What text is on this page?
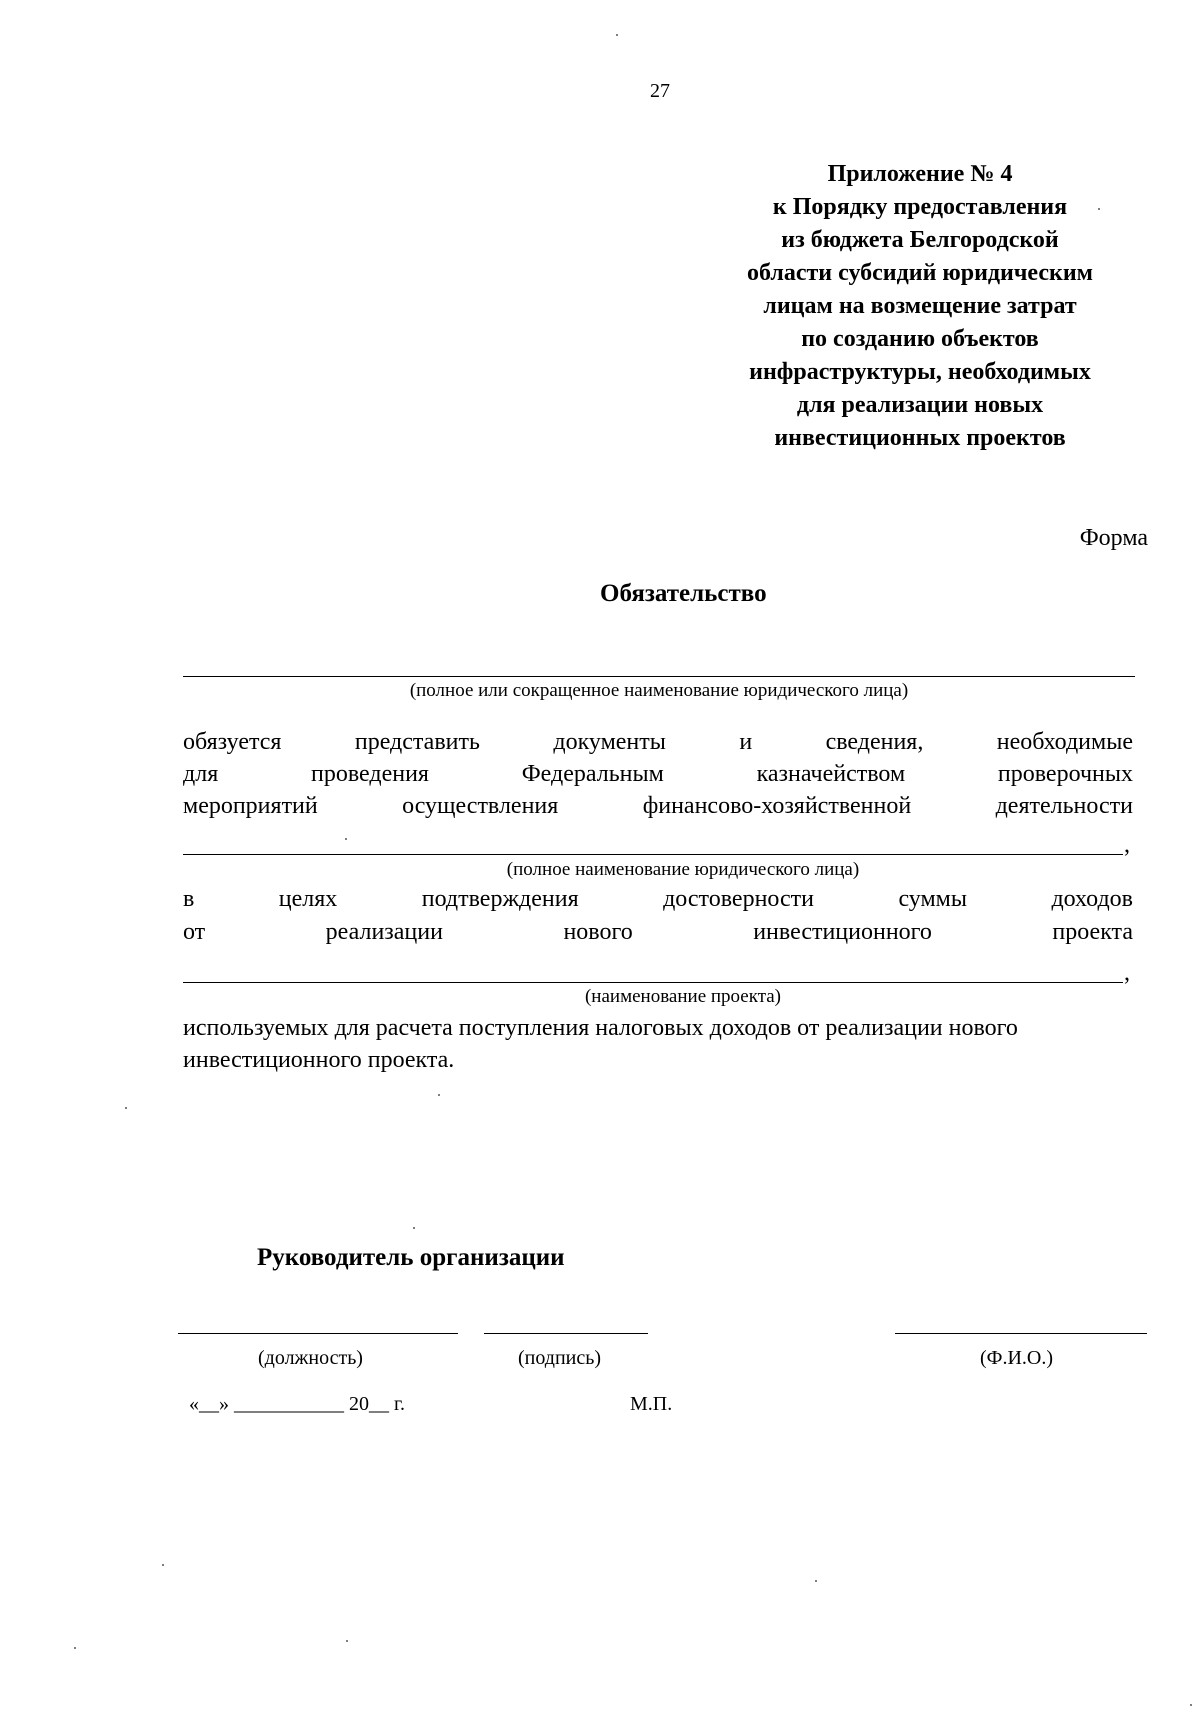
27
Приложение № 4
к Порядку предоставления
из бюджета Белгородской
области субсидий юридическим
лицам на возмещение затрат
по созданию объектов
инфраструктуры, необходимых
для реализации новых
инвестиционных проектов
Форма
Обязательство
(полное или сокращенное наименование юридического лица)
обязуется	представить	документы	и	сведения,	необходимые
для	проведения	Федеральным	казначейством	проверочных
мероприятий	осуществления	финансово-хозяйственной	деятельности
,
(полное наименование юридического лица)
в	целях	подтверждения	достоверности	суммы	доходов
от	реализации	нового	инвестиционного	проекта
,
(наименование проекта)
используемых для расчета поступления налоговых доходов от реализации нового инвестиционного проекта.
Руководитель организации
(должность)	(подпись)	(Ф.И.О.)
«__» ___________ 20__ г.	М.П.
